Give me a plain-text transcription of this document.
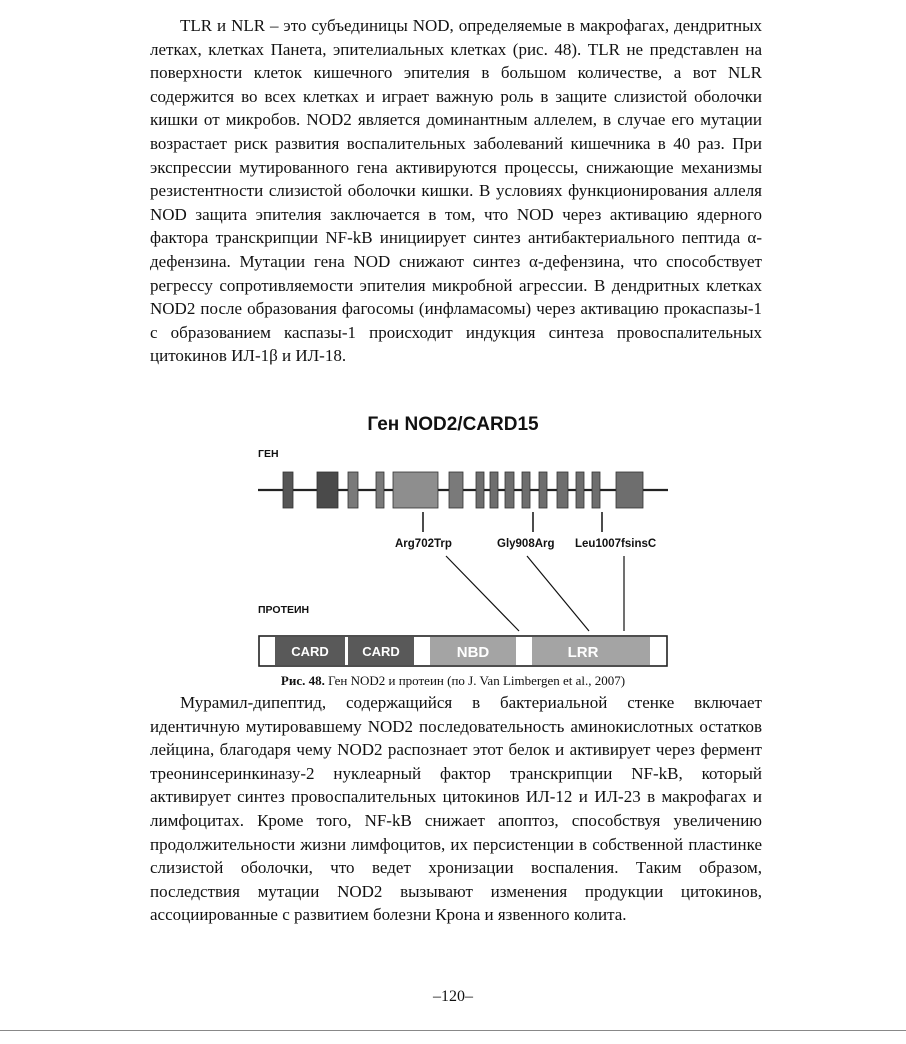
TLR и NLR – это субъединицы NOD, определяемые в макрофагах, дендритных летках, клетках Панета, эпителиальных клетках (рис. 48). TLR не представлен на поверхности клеток кишечного эпителия в большом количестве, а вот NLR содержится во всех клетках и играет важную роль в защите слизистой оболочки кишки от микробов. NOD2 является доминантным аллелем, в случае его мутации возрастает риск развития воспалительных заболеваний кишечника в 40 раз. При экспрессии мутированного гена активируются процессы, снижающие механизмы резистентности слизистой оболочки кишки. В условиях функционирования аллеля NOD защита эпителия заключается в том, что NOD через активацию ядерного фактора транскрипции NF-kB инициирует синтез антибактериального пептида α-дефензина. Мутации гена NOD снижают синтез α-дефензина, что способствует регрессу сопротивляемости эпителия микробной агрессии. В дендритных клетках NOD2 после образования фагосомы (инфламасомы) через активацию прокаспазы-1 с образованием каспазы-1 происходит индукция синтеза провоспалительных цитокинов ИЛ-1β и ИЛ-18.

Ген NOD2/CARD15
ГЕН
ПРОТЕИН
CARD	CARD	NBD	LRR
Arg702Trp	Gly908Arg Leu1007fsinsC
Рис. 48. Ген NOD2 и протеин (по J. Van Limbergen et al., 2007)

Мурамил-дипептид, содержащийся в бактериальной стенке включает идентичную мутировавшему NOD2 последовательность аминокислотных остатков лейцина, благодаря чему NOD2 распознает этот белок и активирует через фермент треонинсеринкиназу-2 нуклеарный фактор транскрипции NF-kB, который активирует синтез провоспалительных цитокинов ИЛ-12 и ИЛ-23 в макрофагах и лимфоцитах. Кроме того, NF-kB снижает апоптоз, способствуя увеличению продолжительности жизни лимфоцитов, их персистенции в собственной пластинке слизистой оболочки, что ведет хронизации воспаления. Таким образом, последствия мутации NOD2 вызывают изменения продукции цитокинов, ассоциированные с развитием болезни Крона и язвенного колита.

–120–
